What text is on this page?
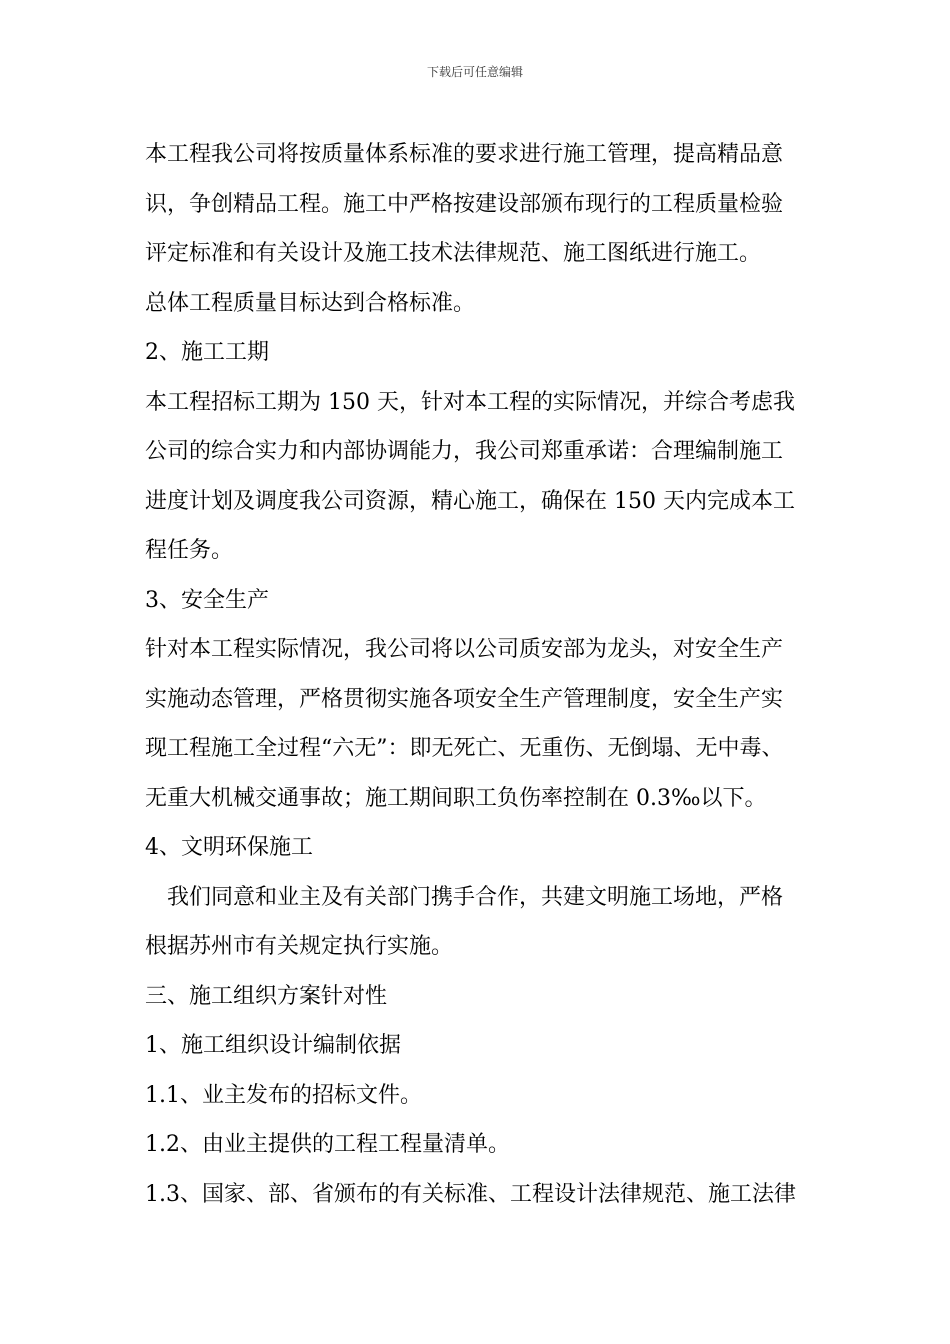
下载后可任意编辑
本工程我公司将按质量体系标准的要求进行施工管理，提高精品意
识，争创精品工程。施工中严格按建设部颁布现行的工程质量检验
评定标准和有关设计及施工技术法律规范、施工图纸进行施工。
总体工程质量目标达到合格标准。
2、施工工期
本工程招标工期为 150 天，针对本工程的实际情况，并综合考虑我
公司的综合实力和内部协调能力，我公司郑重承诺：合理编制施工
进度计划及调度我公司资源，精心施工，确保在 150 天内完成本工
程任务。
3、安全生产
针对本工程实际情况，我公司将以公司质安部为龙头，对安全生产
实施动态管理，严格贯彻实施各项安全生产管理制度，安全生产实
现工程施工全过程“六无”：即无死亡、无重伤、无倒塌、无中毒、
无重大机械交通事故；施工期间职工负伤率控制在 0.3‰以下。
4、文明环保施工
　我们同意和业主及有关部门携手合作，共建文明施工场地，严格
根据苏州市有关规定执行实施。
三、施工组织方案针对性
1、施工组织设计编制依据
1.1、业主发布的招标文件。
1.2、由业主提供的工程工程量清单。
1.3、国家、部、省颁布的有关标准、工程设计法律规范、施工法律
